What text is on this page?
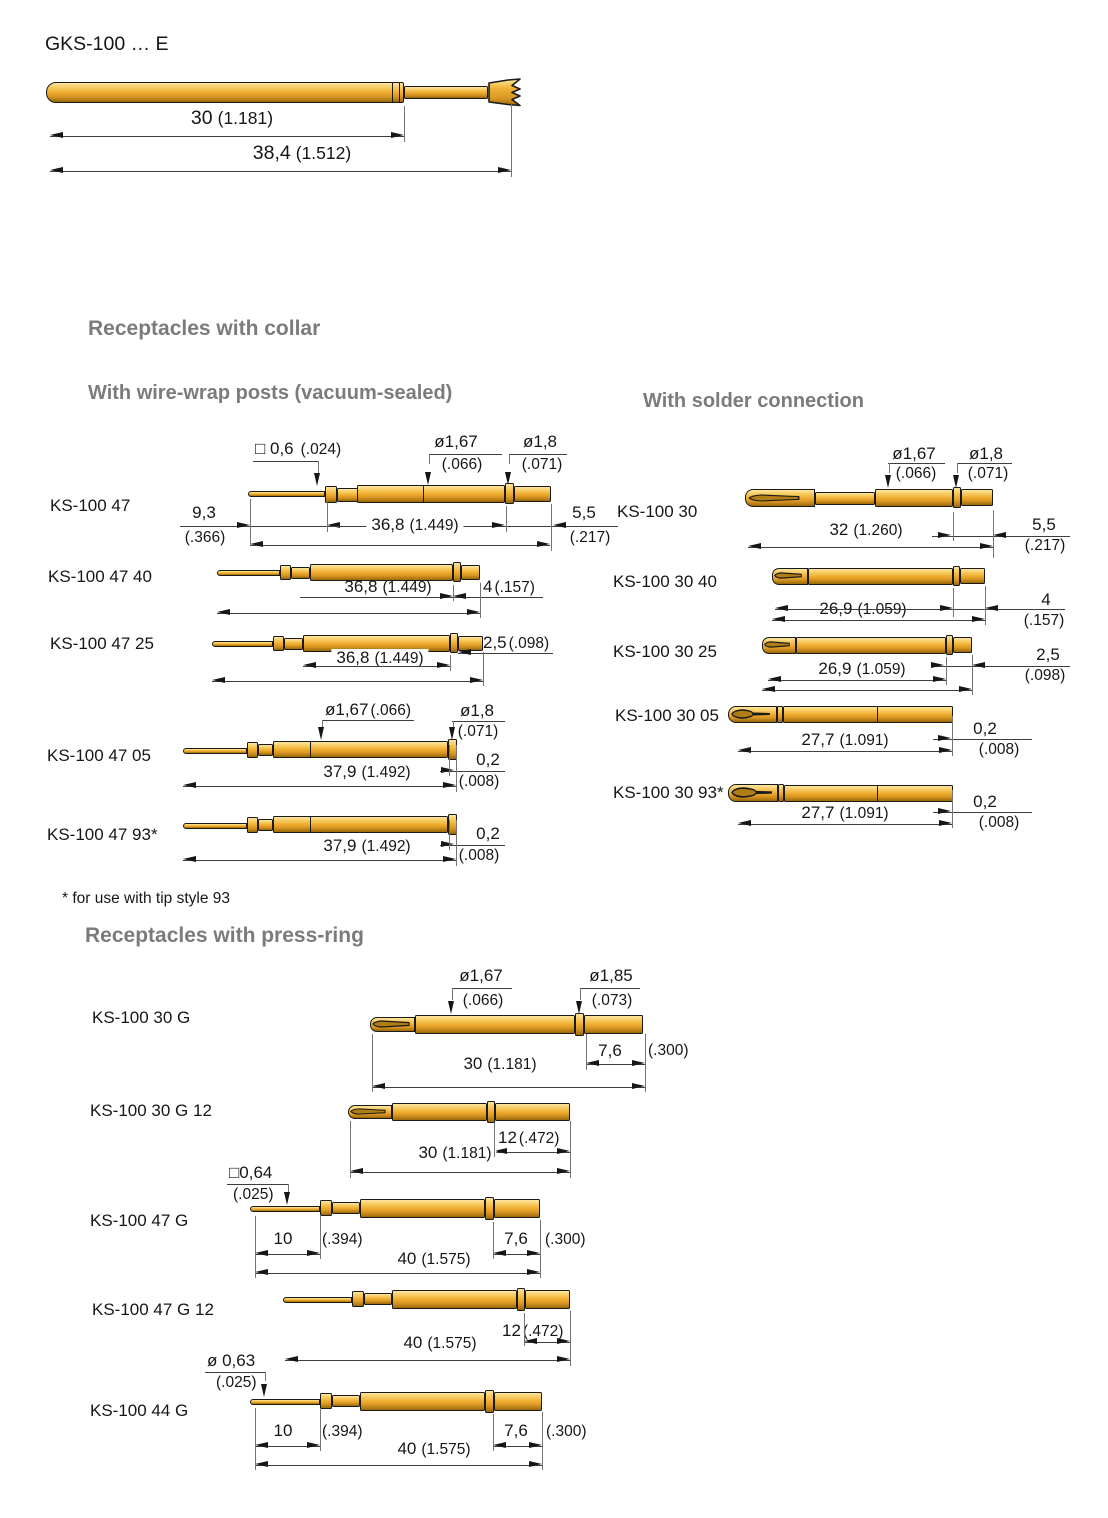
GKS-100 … E
30 (1.181)
38,4 (1.512)
Receptacles with collar
With wire-wrap posts (vacuum-sealed)	With solder connection
KS-100 47
□ 0,6 (.024)	ø1,67
(.066)
ø1,8
(.071)
9,3
(.366)
36,8 (1.449)
5,5
(.217)
KS-100 47 40
36,8 (1.449)	4 (.157)
KS-100 47 25	2,5 (.098)
36,8 (1.449)
KS-100 47 05
ø1,67 (.066)	ø1,8
(.071)
37,9 (1.492)
0,2
(.008)
KS-100 47 93*
37,9 (1.492)
0,2
(.008)
KS-100 30
ø1,67
(.066)
ø1,8
(.071)
32 (1.260)	5,5
(.217)
KS-100 30 40
26,9 (1.059)
4
(.157)
KS-100 30 25	2,5
(.098)
26,9 (1.059)
KS-100 30 05
27,7 (1.091)
0,2
(.008)
KS-100 30 93*
27,7 (1.091)
0,2
(.008)
* for use with tip style 93
Receptacles with press-ring
KS-100 30 G
ø1,67
(.066)
ø1,85
(.073)
7,6 (.300)
30 (1.181)
KS-100 30 G 12
12 (.472)
30 (1.181)
KS-100 47 G
□0,64
(.025)
10 (.394)	7,6 (.300)
40 (1.575)
KS-100 47 G 12
12 (.472)
40 (1.575)
ø 0,63
(.025)
KS-100 44 G
10 (.394)	7,6 (.300)
40 (1.575)
